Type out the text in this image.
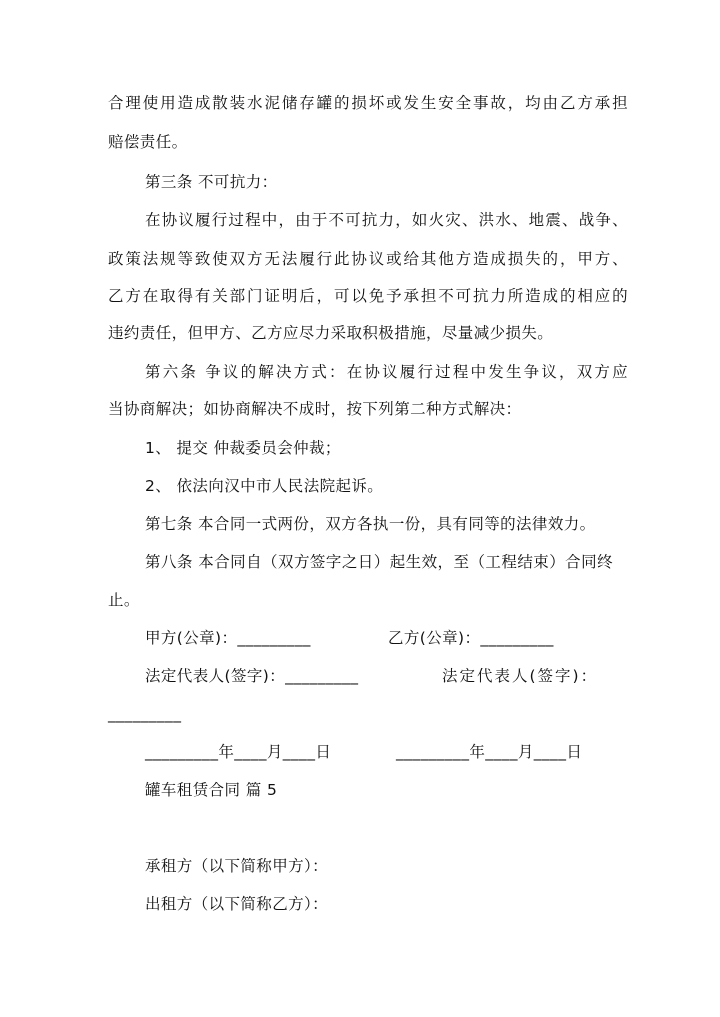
合理使用造成散装水泥储存罐的损坏或发生安全事故，均由乙方承担
赔偿责任。
第三条 不可抗力：
在协议履行过程中，由于不可抗力，如火灾、洪水、地震、战争、
政策法规等致使双方无法履行此协议或给其他方造成损失的，甲方、
乙方在取得有关部门证明后，可以免予承担不可抗力所造成的相应的
违约责任，但甲方、乙方应尽力采取积极措施，尽量减少损失。
第六条 争议的解决方式：在协议履行过程中发生争议，双方应
当协商解决；如协商解决不成时，按下列第二种方式解决：
1、 提交 仲裁委员会仲裁；
2、 依法向汉中市人民法院起诉。
第七条 本合同一式两份，双方各执一份，具有同等的法律效力。
第八条 本合同自（双方签字之日）起生效，至（工程结束）合同终
止。
甲方(公章)：_________	乙方(公章)：_________
法定代表人(签字)：_________	法定代表人(签字)：
_________
_________年____月____日	_________年____月____日
罐车租赁合同 篇 5
承租方（以下简称甲方）：
出租方（以下简称乙方）：
